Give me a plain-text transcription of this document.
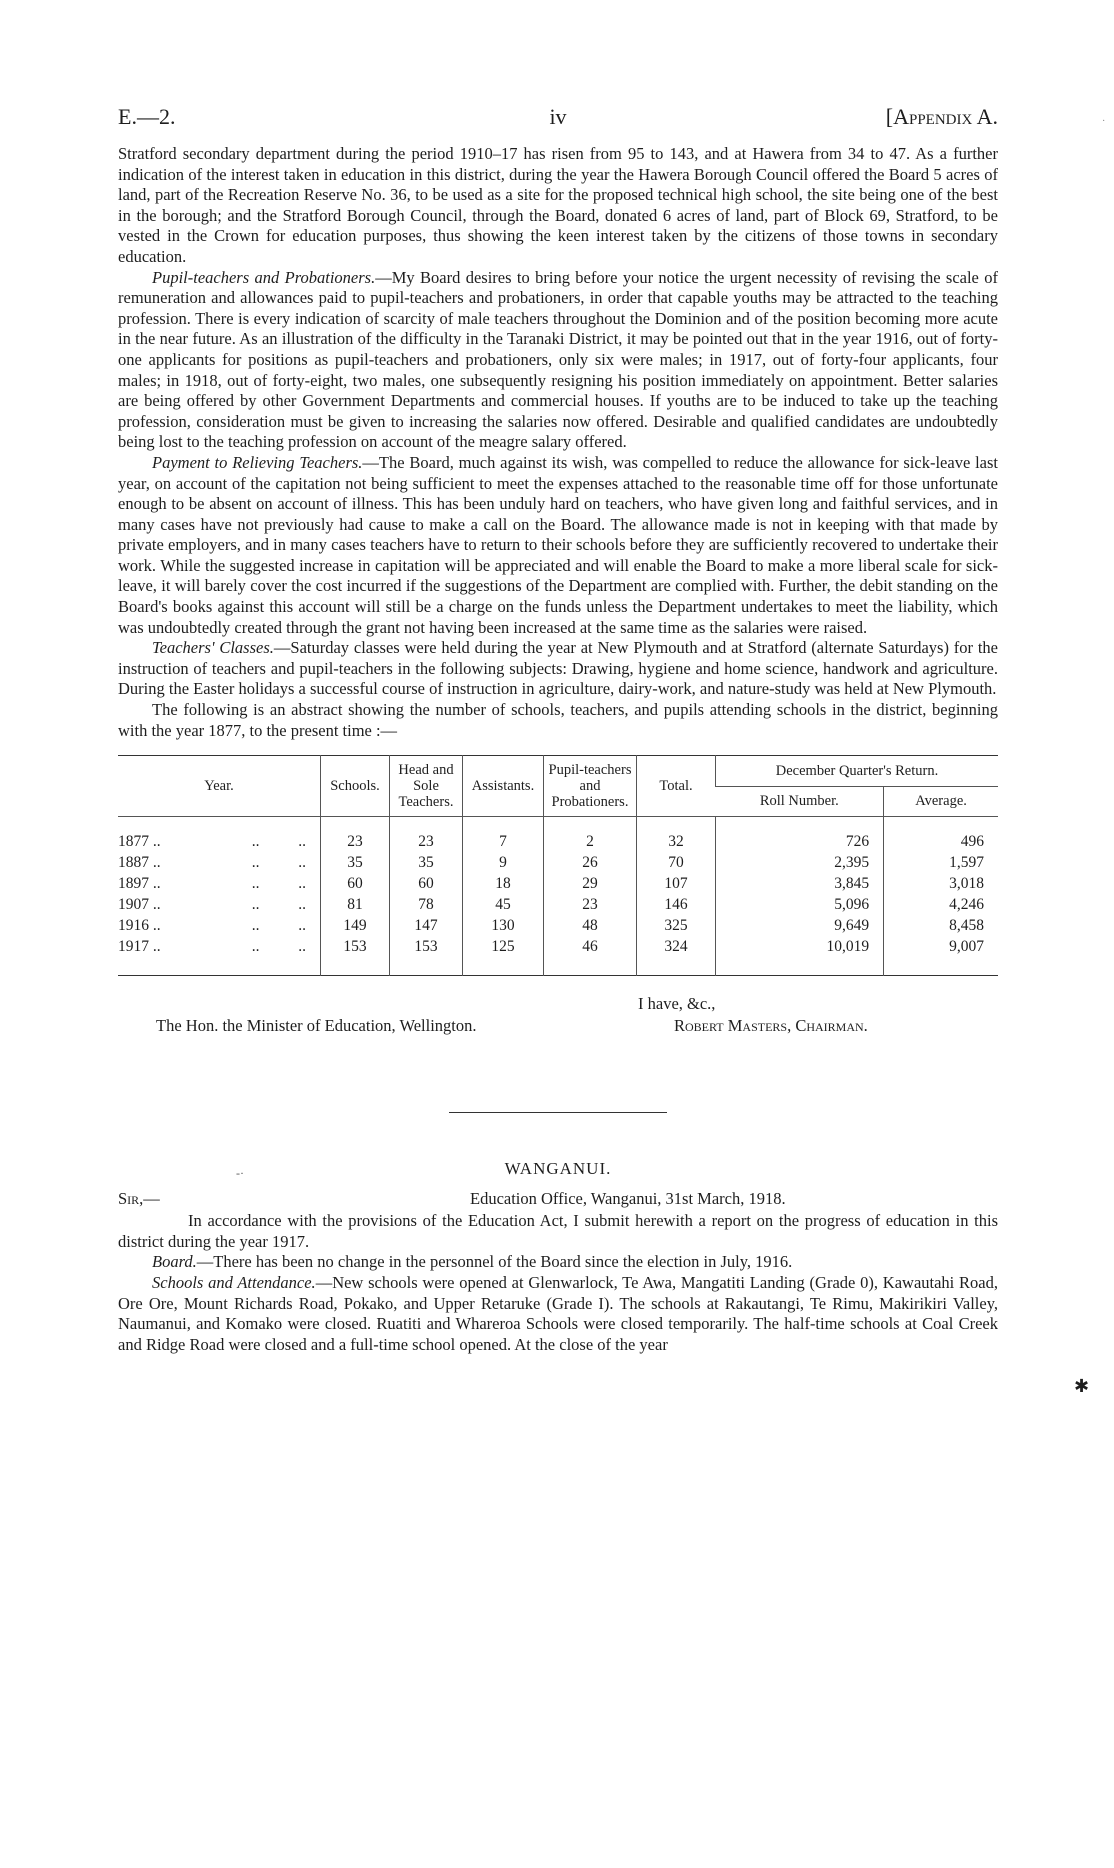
E.—2.	iv	[Appendix A.

Stratford secondary department during the period 1910–17 has risen from 95 to 143, and at Hawera from 34 to 47. As a further indication of the interest taken in education in this district, during the year the Hawera Borough Council offered the Board 5 acres of land, part of the Recreation Reserve No. 36, to be used as a site for the proposed technical high school, the site being one of the best in the borough; and the Stratford Borough Council, through the Board, donated 6 acres of land, part of Block 69, Stratford, to be vested in the Crown for education purposes, thus showing the keen interest taken by the citizens of those towns in secondary education.

Pupil-teachers and Probationers.—My Board desires to bring before your notice the urgent necessity of revising the scale of remuneration and allowances paid to pupil-teachers and probationers, in order that capable youths may be attracted to the teaching profession. There is every indication of scarcity of male teachers throughout the Dominion and of the position becoming more acute in the near future. As an illustration of the difficulty in the Taranaki District, it may be pointed out that in the year 1916, out of forty-one applicants for positions as pupil-teachers and probationers, only six were males; in 1917, out of forty-four applicants, four males; in 1918, out of forty-eight, two males, one subsequently resigning his position immediately on appointment. Better salaries are being offered by other Government Departments and commercial houses. If youths are to be induced to take up the teaching profession, consideration must be given to increasing the salaries now offered. Desirable and qualified candidates are undoubtedly being lost to the teaching profession on account of the meagre salary offered.

Payment to Relieving Teachers.—The Board, much against its wish, was compelled to reduce the allowance for sick-leave last year, on account of the capitation not being sufficient to meet the expenses attached to the reasonable time off for those unfortunate enough to be absent on account of illness. This has been unduly hard on teachers, who have given long and faithful services, and in many cases have not previously had cause to make a call on the Board. The allowance made is not in keeping with that made by private employers, and in many cases teachers have to return to their schools before they are sufficiently recovered to undertake their work. While the suggested increase in capitation will be appreciated and will enable the Board to make a more liberal scale for sick-leave, it will barely cover the cost incurred if the suggestions of the Department are complied with. Further, the debit standing on the Board's books against this account will still be a charge on the funds unless the Department undertakes to meet the liability, which was undoubtedly created through the grant not having been increased at the same time as the salaries were raised.

Teachers' Classes.—Saturday classes were held during the year at New Plymouth and at Stratford (alternate Saturdays) for the instruction of teachers and pupil-teachers in the following subjects: Drawing, hygiene and home science, handwork and agriculture. During the Easter holidays a successful course of instruction in agriculture, dairy-work, and nature-study was held at New Plymouth.

The following is an abstract showing the number of schools, teachers, and pupils attending schools in the district, beginning with the year 1877, to the present time :—

Year.	Schools.	Head and Sole Teachers.	Assistants.	Pupil-teachers and Probationers.	Total.	December Quarter's Return.	
						Roll Number.	Average.

1877 .. ..          ..	23	23	7	2	32	726	496
1887 .. ..          ..	35	35	9	26	70	2,395	1,597
1897 .. ..          ..	60	60	18	29	107	3,845	3,018
1907 .. ..          ..	81	78	45	23	146	5,096	4,246
1916 .. ..          ..	149	147	130	48	325	9,649	8,458
1917 .. ..          ..	153	153	125	46	324	10,019	9,007

I have, &c.,
The Hon. the Minister of Education, Wellington.	Robert Masters, Chairman.
WANGANUI.
Sir,—	Education Office, Wanganui, 31st March, 1918.

In accordance with the provisions of the Education Act, I submit herewith a report on the progress of education in this district during the year 1917.

Board.—There has been no change in the personnel of the Board since the election in July, 1916.

Schools and Attendance.—New schools were opened at Glenwarlock, Te Awa, Mangatiti Landing (Grade 0), Kawautahi Road, Ore Ore, Mount Richards Road, Pokako, and Upper Retaruke (Grade I). The schools at Rakautangi, Te Rimu, Makirikiri Valley, Naumanui, and Komako were closed. Ruatiti and Whareroa Schools were closed temporarily. The half-time schools at Coal Creek and Ridge Road were closed and a full-time school opened. At the close of the year

✱
‐·
·
